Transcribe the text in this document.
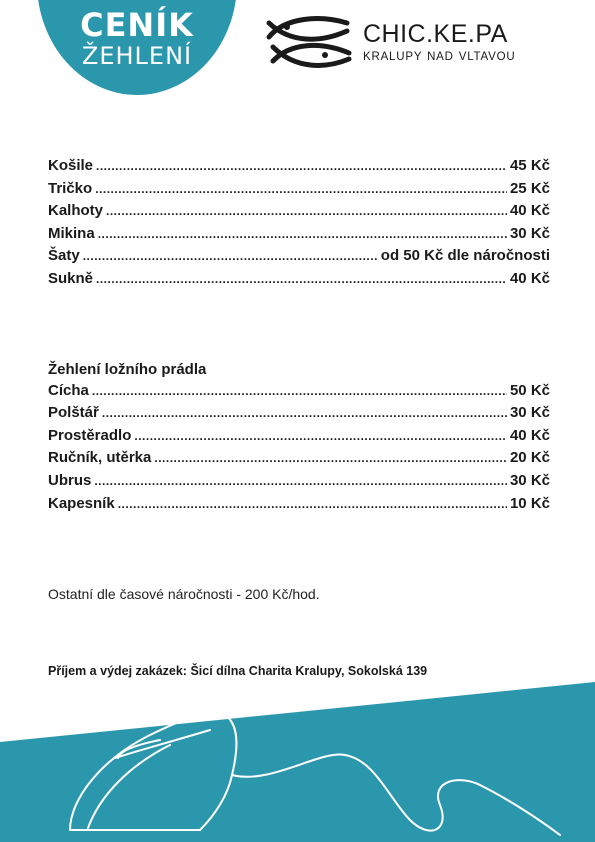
CENÍK
ŽEHLENÍ
CHIC.KE.PA
KRALUPY NAD VLTAVOU
Košile .....	45 Kč
Tričko .....	25 Kč
Kalhoty .....	40 Kč
Mikina .....	30 Kč
Šaty .....	od 50 Kč dle náročnosti
Sukně .....	40 Kč
Žehlení ložního prádla
Cícha .....	50 Kč
Polštář .....	30 Kč
Prostěradlo .....	40 Kč
Ručník, utěrka .....	20 Kč
Ubrus .....	30 Kč
Kapesník .....	10 Kč
Ostatní dle časové náročnosti - 200 Kč/hod.
Příjem a výdej zakázek: Šicí dílna Charita Kralupy, Sokolská 139
